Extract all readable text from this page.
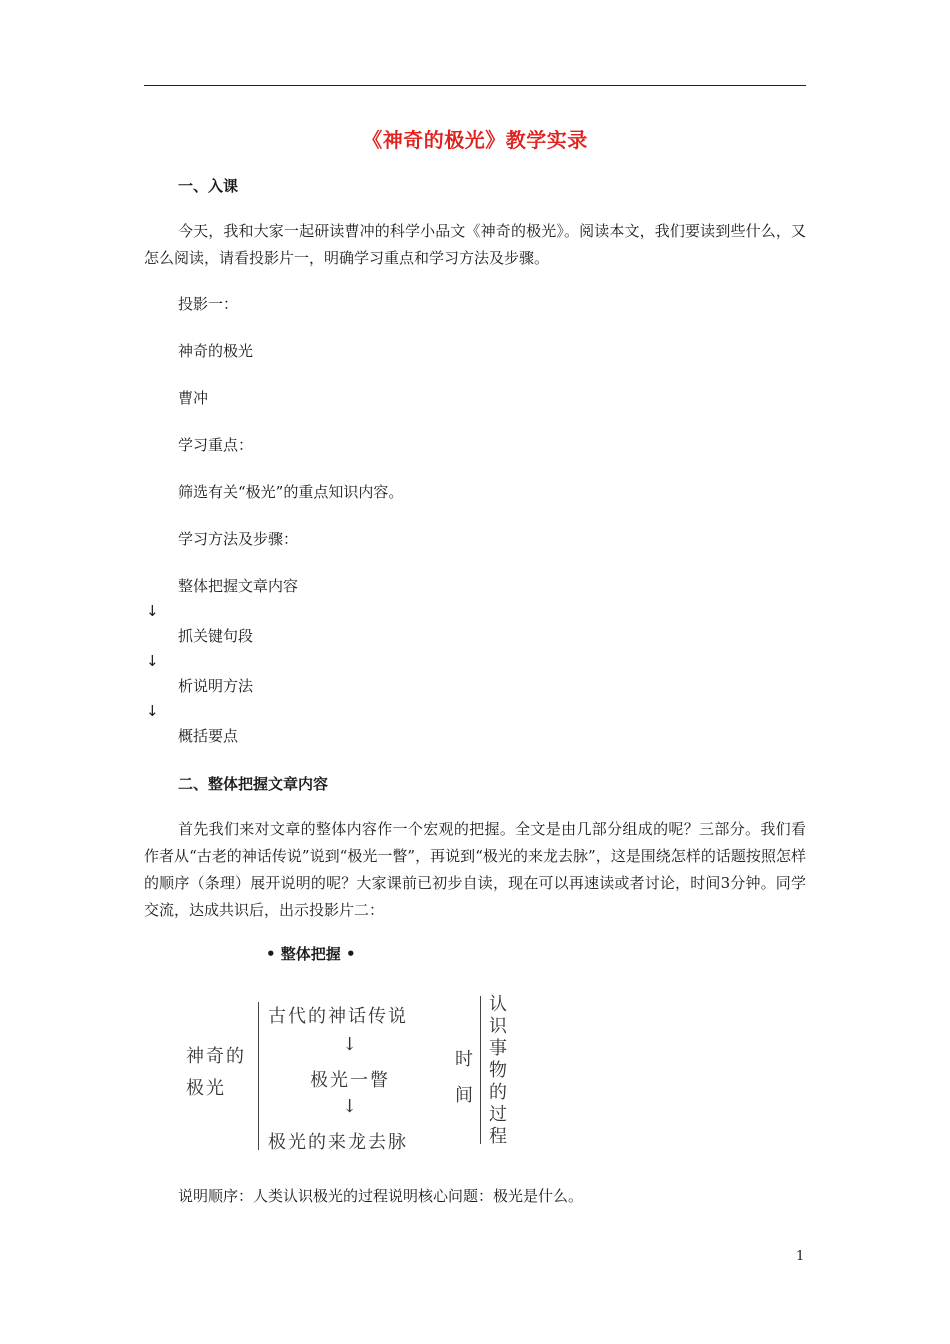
《神奇的极光》教学实录
一、入课
今天，我和大家一起研读曹冲的科学小品文《神奇的极光》。阅读本文，我们要读到些什么，又怎么阅读，请看投影片一，明确学习重点和学习方法及步骤。
投影一：
神奇的极光
曹冲
学习重点：
筛选有关“极光”的重点知识内容。
学习方法及步骤：
整体把握文章内容
↓
抓关键句段
↓
析说明方法
↓
概括要点
二、整体把握文章内容
首先我们来对文章的整体内容作一个宏观的把握。全文是由几部分组成的呢？三部分。我们看作者从“古老的神话传说”说到“极光一瞥”，再说到“极光的来龙去脉”，这是围绕怎样的话题按照怎样的顺序（条理）展开说明的呢？大家课前已初步自读，现在可以再速读或者讨论，时间3分钟。同学交流，达成共识后，出示投影片二：
• 整体把握 •
神奇的
极光
古代的神话传说
↓
极光一瞥
↓
极光的来龙去脉
时间
认识事物的过程
说明顺序：人类认识极光的过程说明核心问题：极光是什么。
1
